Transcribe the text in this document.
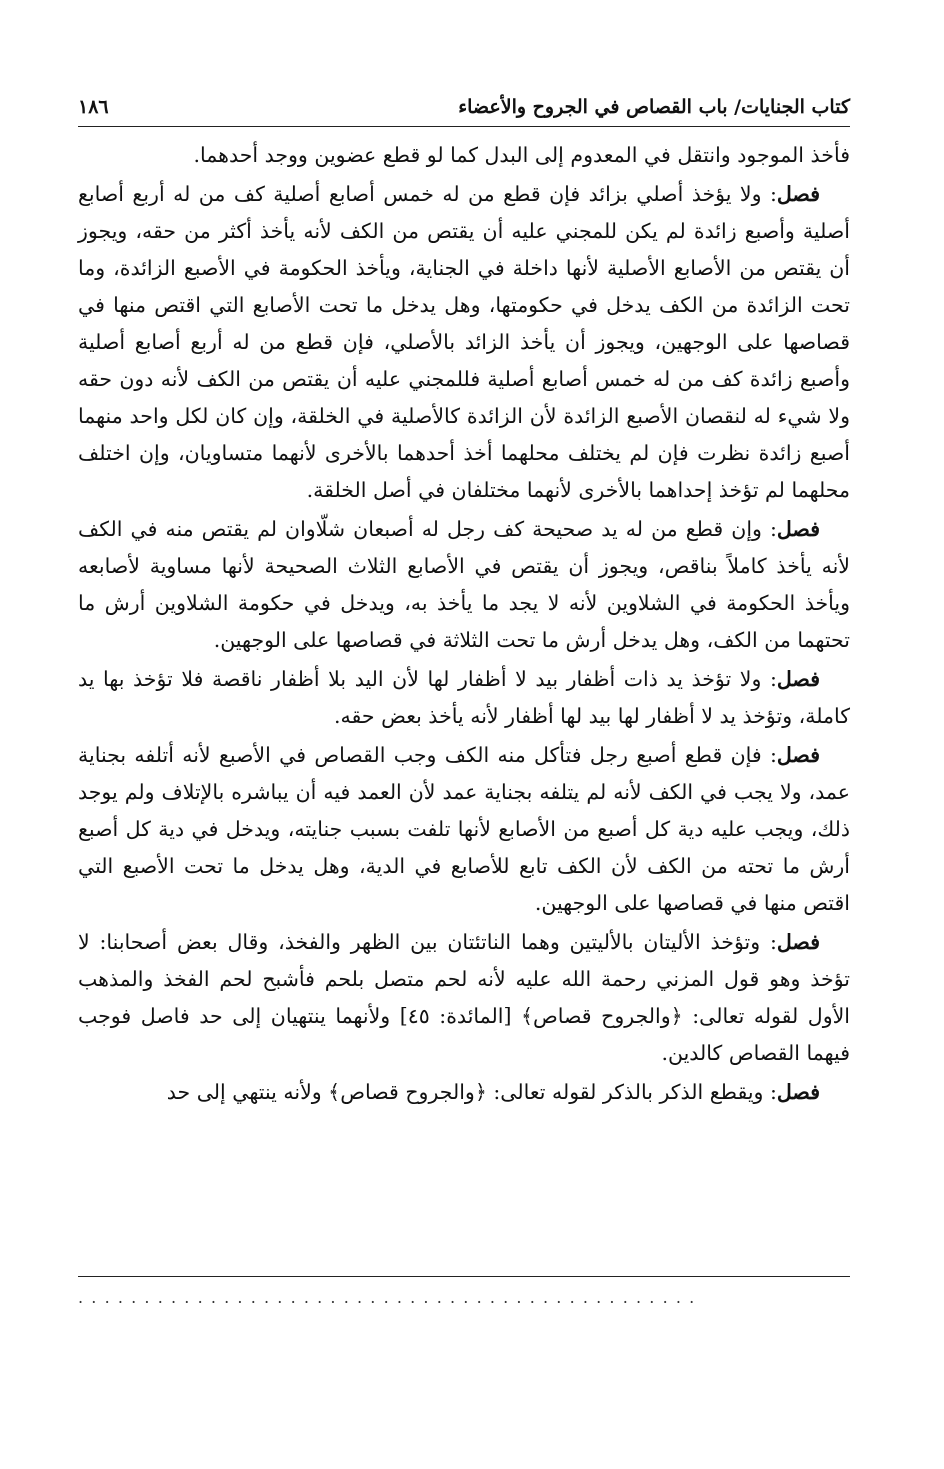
كتاب الجنايات/ باب القصاص في الجروح والأعضاء
١٨٦

فأخذ الموجود وانتقل في المعدوم إلى البدل كما لو قطع عضوين ووجد أحدهما.

فصل: ولا يؤخذ أصلي بزائد فإن قطع من له خمس أصابع أصلية كف من له أربع أصابع أصلية وأصبع زائدة لم يكن للمجني عليه أن يقتص من الكف لأنه يأخذ أكثر من حقه، ويجوز أن يقتص من الأصابع الأصلية لأنها داخلة في الجناية، ويأخذ الحكومة في الأصبع الزائدة، وما تحت الزائدة من الكف يدخل في حكومتها، وهل يدخل ما تحت الأصابع التي اقتص منها في قصاصها على الوجهين، ويجوز أن يأخذ الزائد بالأصلي، فإن قطع من له أربع أصابع أصلية وأصبع زائدة كف من له خمس أصابع أصلية فللمجني عليه أن يقتص من الكف لأنه دون حقه ولا شيء له لنقصان الأصبع الزائدة لأن الزائدة كالأصلية في الخلقة، وإن كان لكل واحد منهما أصبع زائدة نظرت فإن لم يختلف محلهما أخذ أحدهما بالأخرى لأنهما متساويان، وإن اختلف محلهما لم تؤخذ إحداهما بالأخرى لأنهما مختلفان في أصل الخلقة.

فصل: وإن قطع من له يد صحيحة كف رجل له أصبعان شلّاوان لم يقتص منه في الكف لأنه يأخذ كاملاً بناقص، ويجوز أن يقتص في الأصابع الثلاث الصحيحة لأنها مساوية لأصابعه ويأخذ الحكومة في الشلاوين لأنه لا يجد ما يأخذ به، ويدخل في حكومة الشلاوين أرش ما تحتهما من الكف، وهل يدخل أرش ما تحت الثلاثة في قصاصها على الوجهين.

فصل: ولا تؤخذ يد ذات أظفار بيد لا أظفار لها لأن اليد بلا أظفار ناقصة فلا تؤخذ بها يد كاملة، وتؤخذ يد لا أظفار لها بيد لها أظفار لأنه يأخذ بعض حقه.

فصل: فإن قطع أصبع رجل فتأكل منه الكف وجب القصاص في الأصبع لأنه أتلفه بجناية عمد، ولا يجب في الكف لأنه لم يتلفه بجناية عمد لأن العمد فيه أن يباشره بالإتلاف ولم يوجد ذلك، ويجب عليه دية كل أصبع من الأصابع لأنها تلفت بسبب جنايته، ويدخل في دية كل أصبع أرش ما تحته من الكف لأن الكف تابع للأصابع في الدية، وهل يدخل ما تحت الأصبع التي اقتص منها في قصاصها على الوجهين.

فصل: وتؤخذ الأليتان بالأليتين وهما الناتئتان بين الظهر والفخذ، وقال بعض أصحابنا: لا تؤخذ وهو قول المزني رحمة الله عليه لأنه لحم متصل بلحم فأشبح لحم الفخذ والمذهب الأول لقوله تعالى: ﴿والجروح قصاص﴾ [المائدة: ٤٥] ولأنهما ينتهيان إلى حد فاصل فوجب فيهما القصاص كالدين.

فصل: ويقطع الذكر بالذكر لقوله تعالى: ﴿والجروح قصاص﴾ ولأنه ينتهي إلى حد

...............................................
